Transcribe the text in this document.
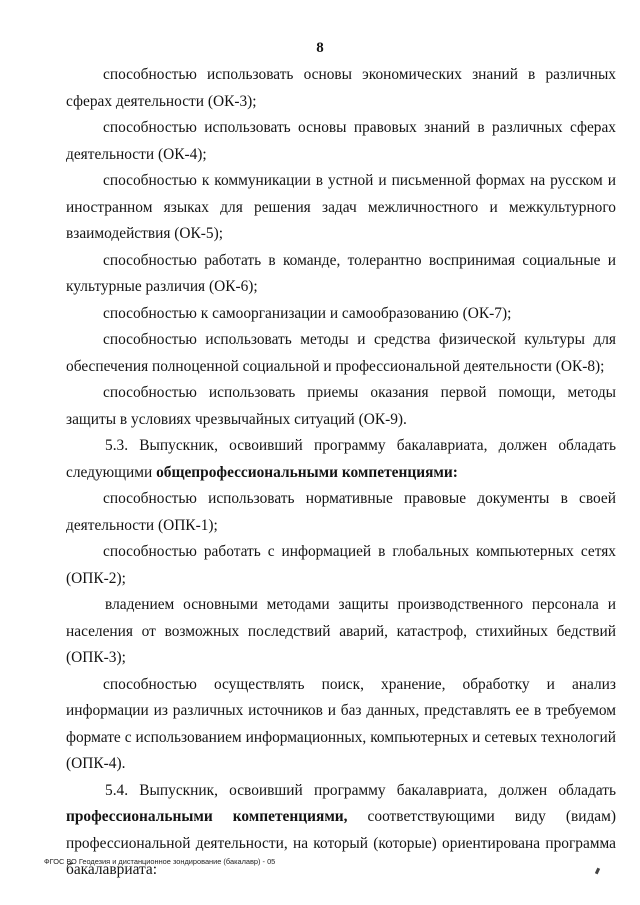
8

способностью использовать основы экономических знаний в различных сферах деятельности (ОК-3);

способностью использовать основы правовых знаний в различных сферах деятельности (ОК-4);

способностью к коммуникации в устной и письменной формах на русском и иностранном языках для решения задач межличностного и межкультурного взаимодействия (ОК-5);

способностью работать в команде, толерантно воспринимая социальные и культурные различия (ОК-6);

способностью к самоорганизации и самообразованию (ОК-7);

способностью использовать методы и средства физической культуры для обеспечения полноценной социальной и профессиональной деятельности (ОК-8);

способностью использовать приемы оказания первой помощи, методы защиты в условиях чрезвычайных ситуаций (ОК-9).

5.3. Выпускник, освоивший программу бакалавриата, должен обладать следующими общепрофессиональными компетенциями:

способностью использовать нормативные правовые документы в своей деятельности (ОПК-1);

способностью работать с информацией в глобальных компьютерных сетях (ОПК-2);

владением основными методами защиты производственного персонала и населения от возможных последствий аварий, катастроф, стихийных бедствий (ОПК-3);

способностью осуществлять поиск, хранение, обработку и анализ информации из различных источников и баз данных, представлять ее в требуемом формате с использованием информационных, компьютерных и сетевых технологий (ОПК-4).

5.4. Выпускник, освоивший программу бакалавриата, должен обладать профессиональными компетенциями, соответствующими виду (видам) профессиональной деятельности, на который (которые) ориентирована программа бакалавриата:

ФГОС ВО Геодезия и дистанционное зондирование (бакалавр) - 05
